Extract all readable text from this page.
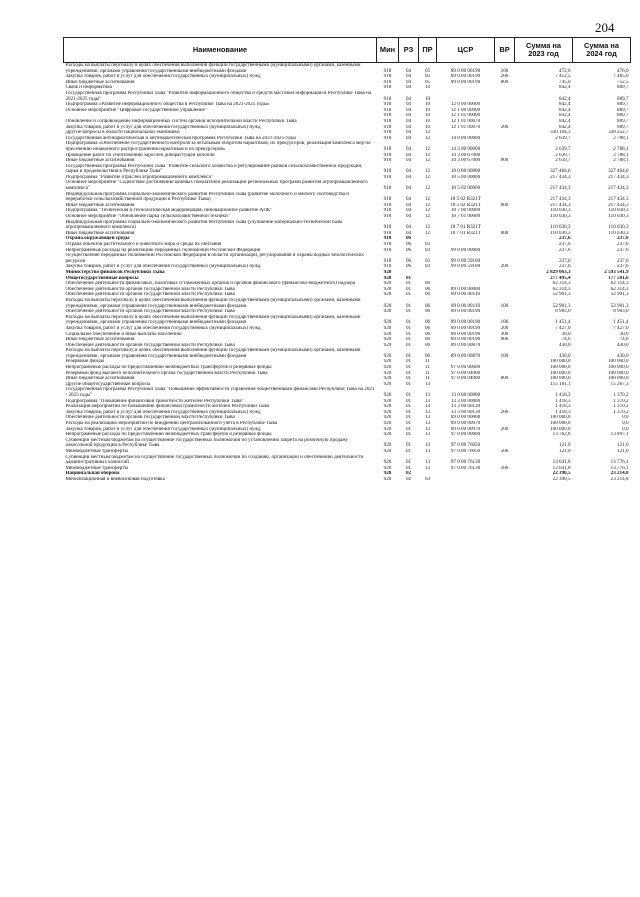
204
Наименование	Мин	РЗ	ПР	ЦСР	ВР	Сумма на 2023 год	Сумма на 2024 год
Расходы на выплаты персоналу в целях обеспечения выполнения функций государственными (муниципальными) органами, казенными учреждениями, органами управления государственными внебюджетными фондами	918	04	05	89 0 00 00190	100	472,6	476,6
Закупка товаров, работ и услуг для обеспечения государственных (муниципальных) нужд	918	04	05	89 0 00 00190	200	7 412,5	7 485,6
Иные бюджетные ассигнования	918	04	05	89 0 00 00190	800	745,0	752,5
Связь и информатика	918	04	10			842,4	889,7
Государственная программа Республики Тыва "Развитие информационного общества и средств массовой информации в Республике Тыва на 2021-2025 годы"	918	04	10			842,4	889,7
Подпрограмма «Развитие информационного общества в Республике Тыва на 2021-2025 годы»	918	04	10	12 0 00 00000		842,4	889,7
Основное мероприятие "Цифровое государственное управление"	918	04	10	12 1 00 00000		842,4	889,7
	918	04	10	12 1 01 00000		842,4	889,7
Обновление и сопровождение информационных систем органов исполнительной власти Республики Тыва	918	04	10	12 1 01 00070		842,4	889,7
Закупка товаров, работ и услуг для обеспечения государственных (муниципальных) нужд	918	04	10	12 1 01 00070	200	842,4	889,7
Другие вопросы в области национальной экономики	918	04	12			330 104,3	330 252,7
Государственная антинаркотическая и антинаркотическая программа Республики Тыва на 2021-2025 годы	918	04	12	14 0 00 00000		2 639,7	2 788,1
Подпрограмма «Обеспечение государственного контроля за легальным оборотом наркотиков, их прекурсоров, реализация комплекса мер по пресечению незаконного распространения наркотиков и их прекурсоров»	918	04	12	14 3 00 00000		2 639,7	2 788,1
Проведение работ по уничтожению зарослей дикорастущей конопли	918	04	12	14 3 00 67000		2 639,7	2 788,1
Иные бюджетные ассигнования	918	04	12	14 3 00 67000	800	2 639,7	2 788,1
Государственная программа Республики Тыва "Развитие сельского хозяйства и регулирование рынков сельскохозяйственной продукции, сырья и продовольствия в Республике Тыва"	918	04	12	18 0 00 00000		327 464,6	327 464,6
Подпрограмма "Развитие отраслей агропромышленного комплекса"	918	04	12	18 5 00 00000		217 434,3	217 434,3
Основное мероприятие "Содействие достижению целевых показателей реализации региональных программ развития агропромышленного комплекса"	918	04	12	18 5 02 00000		217 434,3	217 434,3
Индивидуальная программа социально-экономического развития Республики Тыва (развитие молочного и мясного скотоводства и переработки сельскохозяйственной продукции в Республике Тыва)	918	04	12	18 5 02 R321T		217 434,3	217 434,3
Иные бюджетные ассигнования	918	04	12	18 5 02 R321T	800	217 434,3	217 434,3
Подпрограмма "Техническая и технологическая модернизация, инновационное развитие АПК"	918	04	12	18 7 00 00000		110 030,3	110 030,3
Основное мероприятие "Обновление парка сельскохозяйственной техники"	918	04	12	18 7 01 00000		110 030,3	110 030,3
Индивидуальная программа социально-экономического развития Республики Тыва (улучшение материально-технической базы агропромышленного комплекса)	918	04	12	18 7 01 R321T		110 030,3	110 030,3
Иные бюджетные ассигнования	918	04	12	18 7 01 R321T	800	110 030,3	110 030,3
Охрана окружающей среды	918	06				237,6	237,6
Охрана объектов растительного и животного мира и среды их обитания	918	06	03			237,6	237,6
Непрограммные расходы на реализацию переданных полномочий Российской Федерации	918	06	03	99 0 00 00000		237,6	237,6
Осуществление переданных полномочий Российской Федерации в области организации, регулирования и охраны водных биологических ресурсов	918	06	03	99 0 00 59100		237,6	237,6
Закупка товаров, работ и услуг для обеспечения государственных (муниципальных) нужд	918	06	03	99 0 00 59100	200	237,6	237,6
Министерство финансов Республики Тыва	920					2 829 063,3	2 593 541,9
Общегосударственные вопросы	920	01				277 495,4	177 581,6
Обеспечение деятельности финансовых, налоговых и таможенных органов и органов финансового (финансово-бюджетного) надзора	920	01	06			62 314,3	62 314,3
Обеспечение деятельности органов государственной власти Республики Тыва	920	01	06	89 0 00 00000		62 314,3	62 314,3
Обеспечение деятельности органов государственной власти Республики Тыва	920	01	06	89 0 00 00110		52 901,3	52 901,3
Расходы на выплаты персоналу в целях обеспечения выполнения функций государственными (муниципальными) органами, казенными учреждениями, органами управления государственными внебюджетными фондами	920	01	06	89 0 00 00110	100	52 901,3	52 901,3
Обеспечение деятельности органов государственной власти Республики Тыва	920	01	06	89 0 00 00190		8 983,0	8 983,0
Расходы на выплаты персоналу в целях обеспечения выполнения функций государственными (муниципальными) органами, казенными учреждениями, органами управления государственными внебюджетными фондами	920	01	06	89 0 00 00190	100	1 451,4	1 451,4
Закупка товаров, работ и услуг для обеспечения государственных (муниципальных) нужд	920	01	06	89 0 00 00190	200	7 427,0	7 427,0
Социальное обеспечение и иные выплаты населению	920	01	06	89 0 00 00190	300	30,0	30,0
Иные бюджетные ассигнования	920	01	06	89 0 00 00190	800	74,6	74,6
Обеспечение деятельности органов государственной власти Республики Тыва	920	01	06	89 0 00 00870		430,0	430,0
Расходы на выплаты персоналу в целях обеспечения выполнения функций государственными (муниципальными) органами, казенными учреждениями, органами управления государственными внебюджетными фондами	920	01	06	89 0 00 00870	100	430,0	430,0
Резервные фонды	920	01	11			100 000,0	100 000,0
Непрограммные расходы по предоставлению межбюджетных трансфертов и резервные фонды	920	01	11	97 0 00 00000		100 000,0	100 000,0
Резервный фонд высшего исполнительного органа государственной власти Республики Тыва	920	01	11	97 0 00 04000		100 000,0	100 000,0
Иные бюджетные ассигнования	920	01	11	97 0 00 04000	800	100 000,0	100 000,0
Другие общегосударственные вопросы	920	01	13			115 181,1	15 267,3
Государственная программа Республики Тыва "Повышение эффективности управления общественными финансами Республики Тыва на 2021 - 2023 годы"	920	01	13	13 0 00 00000		1 418,3	1 370,2
Подпрограмма "Повышение финансовой грамотности жителей Республики Тыва"	920	01	13	13 3 00 00000		1 418,3	1 370,2
Реализация мероприятий по повышению финансовой грамотности жителей Республики Тыва	920	01	13	13 3 00 00130		1 418,3	1 370,2
Закупка товаров, работ и услуг для обеспечения государственных (муниципальных) нужд	920	01	13	13 3 00 00130	200	1 418,3	1 370,2
Обеспечение деятельности органов государственной власти Республики Тыва	920	01	13	89 0 00 00000		100 000,0	0,0
Расходы на реализацию мероприятий по внедрению централизованного учета в Республике Тыва	920	01	13	89 0 00 00970		100 000,0	0,0
Закупка товаров, работ и услуг для обеспечения государственных (муниципальных) нужд	920	01	13	89 0 00 00970	200	100 000,0	0,0
Непрограммные расходы по предоставлению межбюджетных трансфертов и резервные фонды	920	01	13	97 0 00 00000		13 762,8	13 897,1
Субвенции местным бюджетам на осуществление государственных полномочий по установлению запрета на розничную продажу алкогольной продукции в Республике Тыва	920	01	13	97 0 00 76050		121,0	121,0
Межбюджетные трансферты	920	01	13	97 0 00 76050	500	121,0	121,0
Субвенции местным бюджетам на осуществление государственных полномочий по созданию, организации и обеспечению деятельности административных комиссий	920	01	13	97 0 00 76130		13 641,8	13 776,1
Межбюджетные трансферты	920	01	13	97 0 00 76130	500	13 641,8	13 776,1
Национальная оборона	920	02				22 390,5	23 214,8
Мобилизационная и вневойсковая подготовка	920	02	03			22 390,5	23 214,8
